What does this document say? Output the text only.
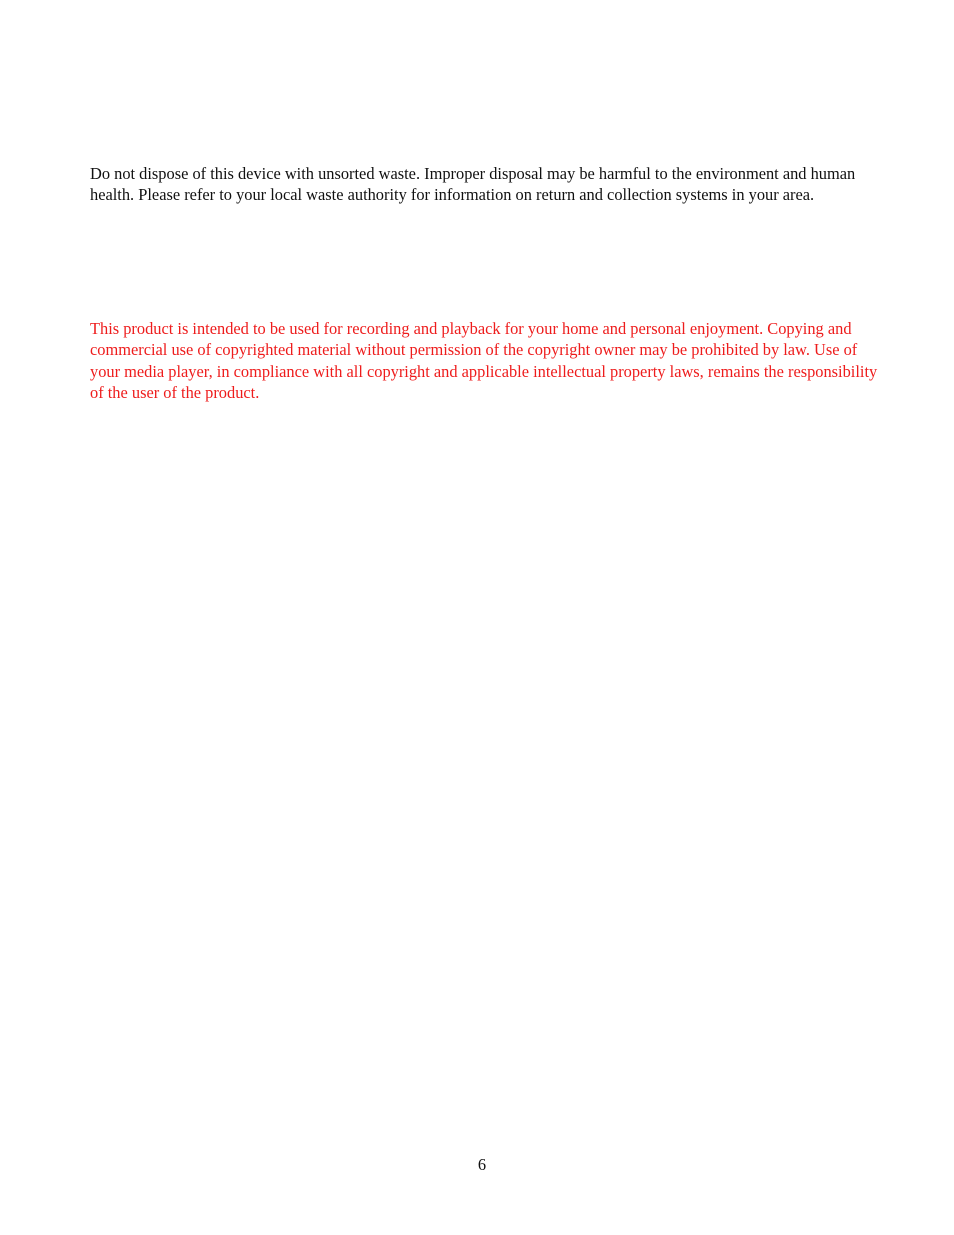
Do not dispose of this device with unsorted waste. Improper disposal may be harmful to the environment and human health. Please refer to your local waste authority for information on return and collection systems in your area.

This product is intended to be used for recording and playback for your home and personal enjoyment. Copying and commercial use of copyrighted material without permission of the copyright owner may be prohibited by law. Use of your media player, in compliance with all copyright and applicable intellectual property laws, remains the responsibility of the user of the product.

6
